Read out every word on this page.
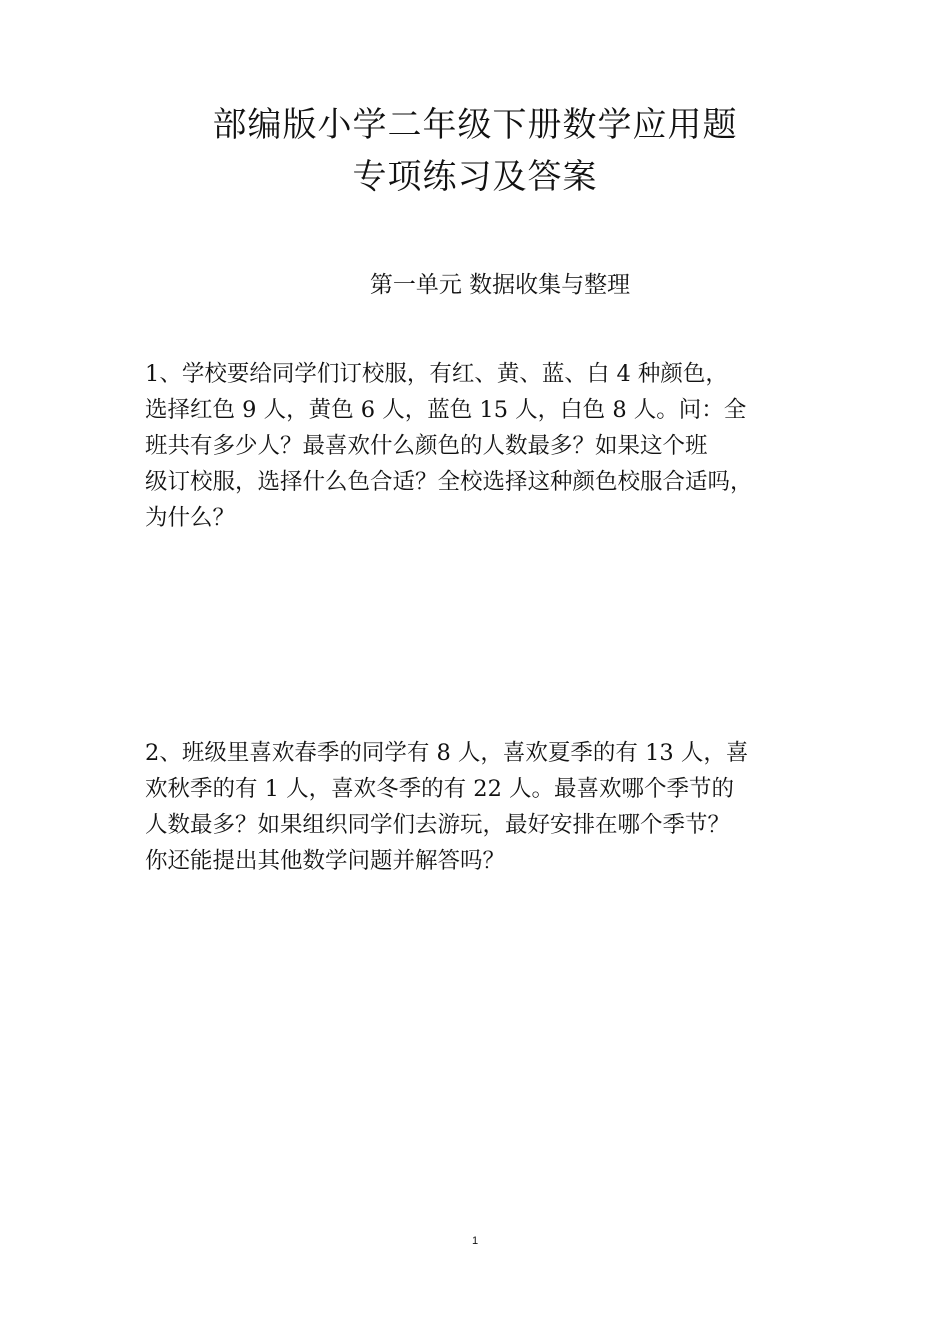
部编版小学二年级下册数学应用题
专项练习及答案
第一单元 数据收集与整理
1、学校要给同学们订校服，有红、黄、蓝、白 4 种颜色，
选择红色 9 人，黄色 6 人，蓝色 15 人，白色 8 人。问：全
班共有多少人？最喜欢什么颜色的人数最多？如果这个班
级订校服，选择什么色合适？全校选择这种颜色校服合适吗，
为什么？
2、班级里喜欢春季的同学有 8 人，喜欢夏季的有 13 人，喜
欢秋季的有 1 人，喜欢冬季的有 22 人。最喜欢哪个季节的
人数最多？如果组织同学们去游玩，最好安排在哪个季节？
你还能提出其他数学问题并解答吗？
1
